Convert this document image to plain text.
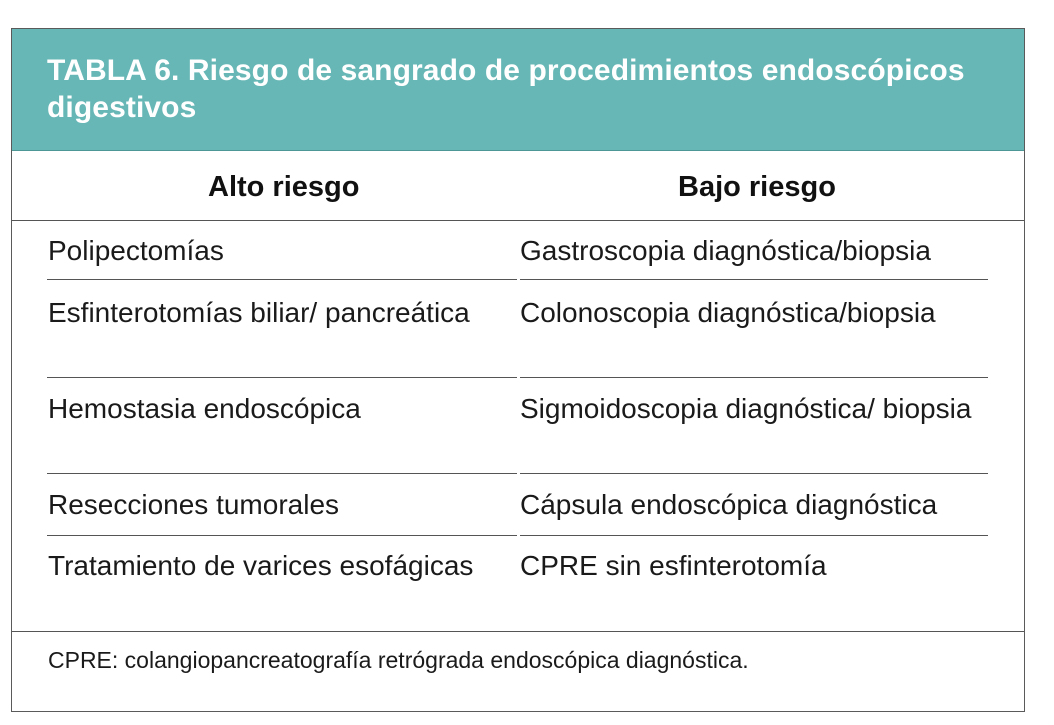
TABLA 6. Riesgo de sangrado de procedimientos endoscópicos digestivos
Alto riesgo	Bajo riesgo
Polipectomías	Gastroscopia diagnóstica/biopsia
Esfinterotomías biliar/ pancreática	Colonoscopia diagnóstica/biopsia
Hemostasia endoscópica	Sigmoidoscopia diagnóstica/ biopsia
Resecciones tumorales	Cápsula endoscópica diagnóstica
Tratamiento de varices esofágicas	CPRE sin esfinterotomía
CPRE: colangiopancreatografía retrógrada endoscópica diagnóstica.
